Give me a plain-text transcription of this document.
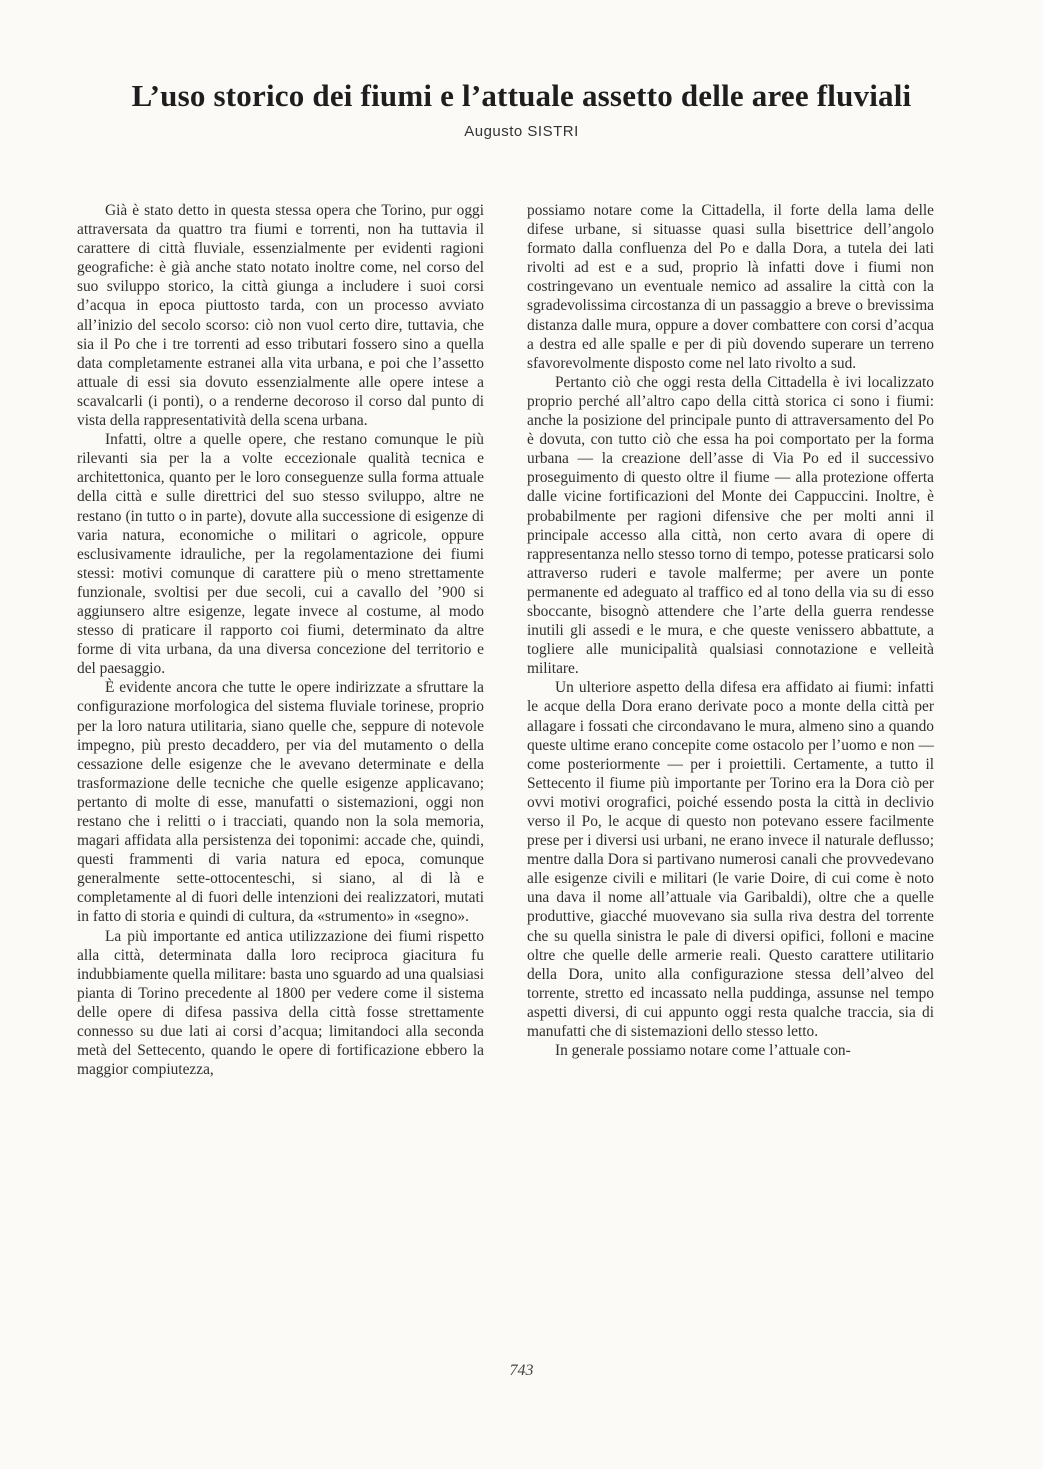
L’uso storico dei fiumi e l’attuale assetto delle aree fluviali
Augusto SISTRI

Già è stato detto in questa stessa opera che Torino, pur oggi attraversata da quattro tra fiumi e torrenti, non ha tuttavia il carattere di città fluviale, essenzialmente per evidenti ragioni geografiche: è già anche stato notato inoltre come, nel corso del suo sviluppo storico, la città giunga a includere i suoi corsi d’acqua in epoca piuttosto tarda, con un processo avviato all’inizio del secolo scorso: ciò non vuol certo dire, tuttavia, che sia il Po che i tre torrenti ad esso tributari fossero sino a quella data completamente estranei alla vita urbana, e poi che l’assetto attuale di essi sia dovuto essenzialmente alle opere intese a scavalcarli (i ponti), o a renderne decoroso il corso dal punto di vista della rappresentatività della scena urbana.

Infatti, oltre a quelle opere, che restano comunque le più rilevanti sia per la a volte eccezionale qualità tecnica e architettonica, quanto per le loro conseguenze sulla forma attuale della città e sulle direttrici del suo stesso sviluppo, altre ne restano (in tutto o in parte), dovute alla successione di esigenze di varia natura, economiche o militari o agricole, oppure esclusivamente idrauliche, per la regolamentazione dei fiumi stessi: motivi comunque di carattere più o meno strettamente funzionale, svoltisi per due secoli, cui a cavallo del ’900 si aggiunsero altre esigenze, legate invece al costume, al modo stesso di praticare il rapporto coi fiumi, determinato da altre forme di vita urbana, da una diversa concezione del territorio e del paesaggio.

È evidente ancora che tutte le opere indirizzate a sfruttare la configurazione morfologica del sistema fluviale torinese, proprio per la loro natura utilitaria, siano quelle che, seppure di notevole impegno, più presto decaddero, per via del mutamento o della cessazione delle esigenze che le avevano determinate e della trasformazione delle tecniche che quelle esigenze applicavano; pertanto di molte di esse, manufatti o sistemazioni, oggi non restano che i relitti o i tracciati, quando non la sola memoria, magari affidata alla persistenza dei toponimi: accade che, quindi, questi frammenti di varia natura ed epoca, comunque generalmente sette-ottocenteschi, si siano, al di là e completamente al di fuori delle intenzioni dei realizzatori, mutati in fatto di storia e quindi di cultura, da «strumento» in «segno».

La più importante ed antica utilizzazione dei fiumi rispetto alla città, determinata dalla loro reciproca giacitura fu indubbiamente quella militare: basta uno sguardo ad una qualsiasi pianta di Torino precedente al 1800 per vedere come il sistema delle opere di difesa passiva della città fosse strettamente connesso su due lati ai corsi d’acqua; limitandoci alla seconda metà del Settecento, quando le opere di fortificazione ebbero la maggior compiutezza,

possiamo notare come la Cittadella, il forte della lama delle difese urbane, si situasse quasi sulla bisettrice dell’angolo formato dalla confluenza del Po e dalla Dora, a tutela dei lati rivolti ad est e a sud, proprio là infatti dove i fiumi non costringevano un eventuale nemico ad assalire la città con la sgradevolissima circostanza di un passaggio a breve o brevissima distanza dalle mura, oppure a dover combattere con corsi d’acqua a destra ed alle spalle e per di più dovendo superare un terreno sfavorevolmente disposto come nel lato rivolto a sud.

Pertanto ciò che oggi resta della Cittadella è ivi localizzato proprio perché all’altro capo della città storica ci sono i fiumi: anche la posizione del principale punto di attraversamento del Po è dovuta, con tutto ciò che essa ha poi comportato per la forma urbana — la creazione dell’asse di Via Po ed il successivo proseguimento di questo oltre il fiume — alla protezione offerta dalle vicine fortificazioni del Monte dei Cappuccini. Inoltre, è probabilmente per ragioni difensive che per molti anni il principale accesso alla città, non certo avara di opere di rappresentanza nello stesso torno di tempo, potesse praticarsi solo attraverso ruderi e tavole malferme; per avere un ponte permanente ed adeguato al traffico ed al tono della via su di esso sboccante, bisognò attendere che l’arte della guerra rendesse inutili gli assedi e le mura, e che queste venissero abbattute, a togliere alle municipalità qualsiasi connotazione e velleità militare.

Un ulteriore aspetto della difesa era affidato ai fiumi: infatti le acque della Dora erano derivate poco a monte della città per allagare i fossati che circondavano le mura, almeno sino a quando queste ultime erano concepite come ostacolo per l’uomo e non — come posteriormente — per i proiettili. Certamente, a tutto il Settecento il fiume più importante per Torino era la Dora ciò per ovvi motivi orografici, poiché essendo posta la città in declivio verso il Po, le acque di questo non potevano essere facilmente prese per i diversi usi urbani, ne erano invece il naturale deflusso; mentre dalla Dora si partivano numerosi canali che provvedevano alle esigenze civili e militari (le varie Doire, di cui come è noto una dava il nome all’attuale via Garibaldi), oltre che a quelle produttive, giacché muovevano sia sulla riva destra del torrente che su quella sinistra le pale di diversi opifici, folloni e macine oltre che quelle delle armerie reali. Questo carattere utilitario della Dora, unito alla configurazione stessa dell’alveo del torrente, stretto ed incassato nella puddinga, assunse nel tempo aspetti diversi, di cui appunto oggi resta qualche traccia, sia di manufatti che di sistemazioni dello stesso letto.

In generale possiamo notare come l’attuale con-

743
